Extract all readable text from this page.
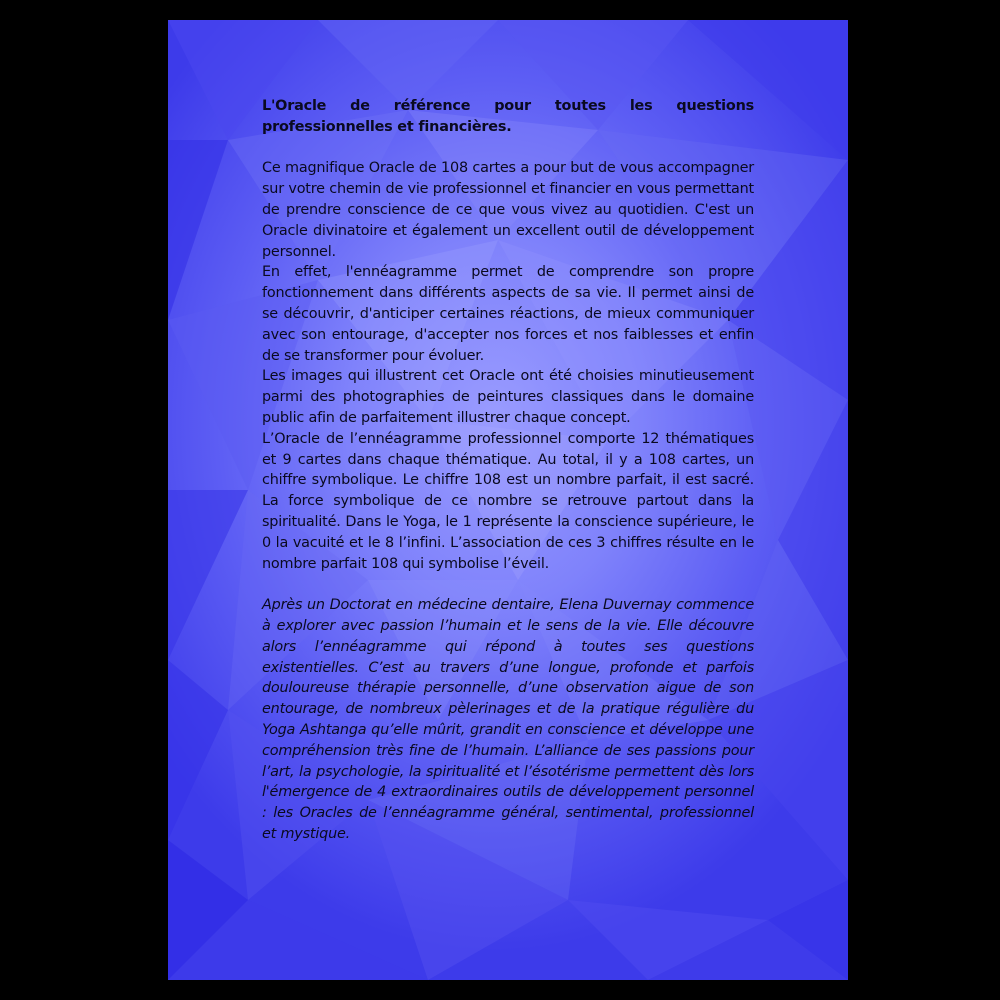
L'Oracle de référence pour toutes les questions professionnelles et financières.

Ce magnifique Oracle de 108 cartes a pour but de vous accompagner sur votre chemin de vie professionnel et financier en vous permettant de prendre conscience de ce que vous vivez au quotidien. C'est un Oracle divinatoire et également un excellent outil de développement personnel.

En effet, l'ennéagramme permet de comprendre son propre fonctionnement dans différents aspects de sa vie. Il permet ainsi de se découvrir, d'anticiper certaines réactions, de mieux communiquer avec son entourage, d'accepter nos forces et nos faiblesses et enfin de se transformer pour évoluer.

Les images qui illustrent cet Oracle ont été choisies minutieusement parmi des photographies de peintures classiques dans le domaine public afin de parfaitement illustrer chaque concept.

L’Oracle de l’ennéagramme professionnel comporte 12 thématiques et 9 cartes dans chaque thématique. Au total, il y a 108 cartes, un chiffre symbolique. Le chiffre 108 est un nombre parfait, il est sacré. La force symbolique de ce nombre se retrouve partout dans la spiritualité. Dans le Yoga, le 1 représente la conscience supérieure, le 0 la vacuité et le 8 l’infini. L’association de ces 3 chiffres résulte en le nombre parfait 108 qui symbolise l’éveil.

Après un Doctorat en médecine dentaire, Elena Duvernay commence à explorer avec passion l’humain et le sens de la vie. Elle découvre alors l’ennéagramme qui répond à toutes ses questions existentielles. C’est au travers d’une longue, profonde et parfois douloureuse thérapie personnelle, d’une observation aigue de son entourage, de nombreux pèlerinages et de la pratique régulière du Yoga Ashtanga qu’elle mûrit, grandit en conscience et développe une compréhension très fine de l’humain. L’alliance de ses passions pour l’art, la psychologie, la spiritualité et l’ésotérisme permettent dès lors l'émergence de 4 extraordinaires outils de développement personnel : les Oracles de l’ennéagramme général, sentimental, professionnel et mystique.
